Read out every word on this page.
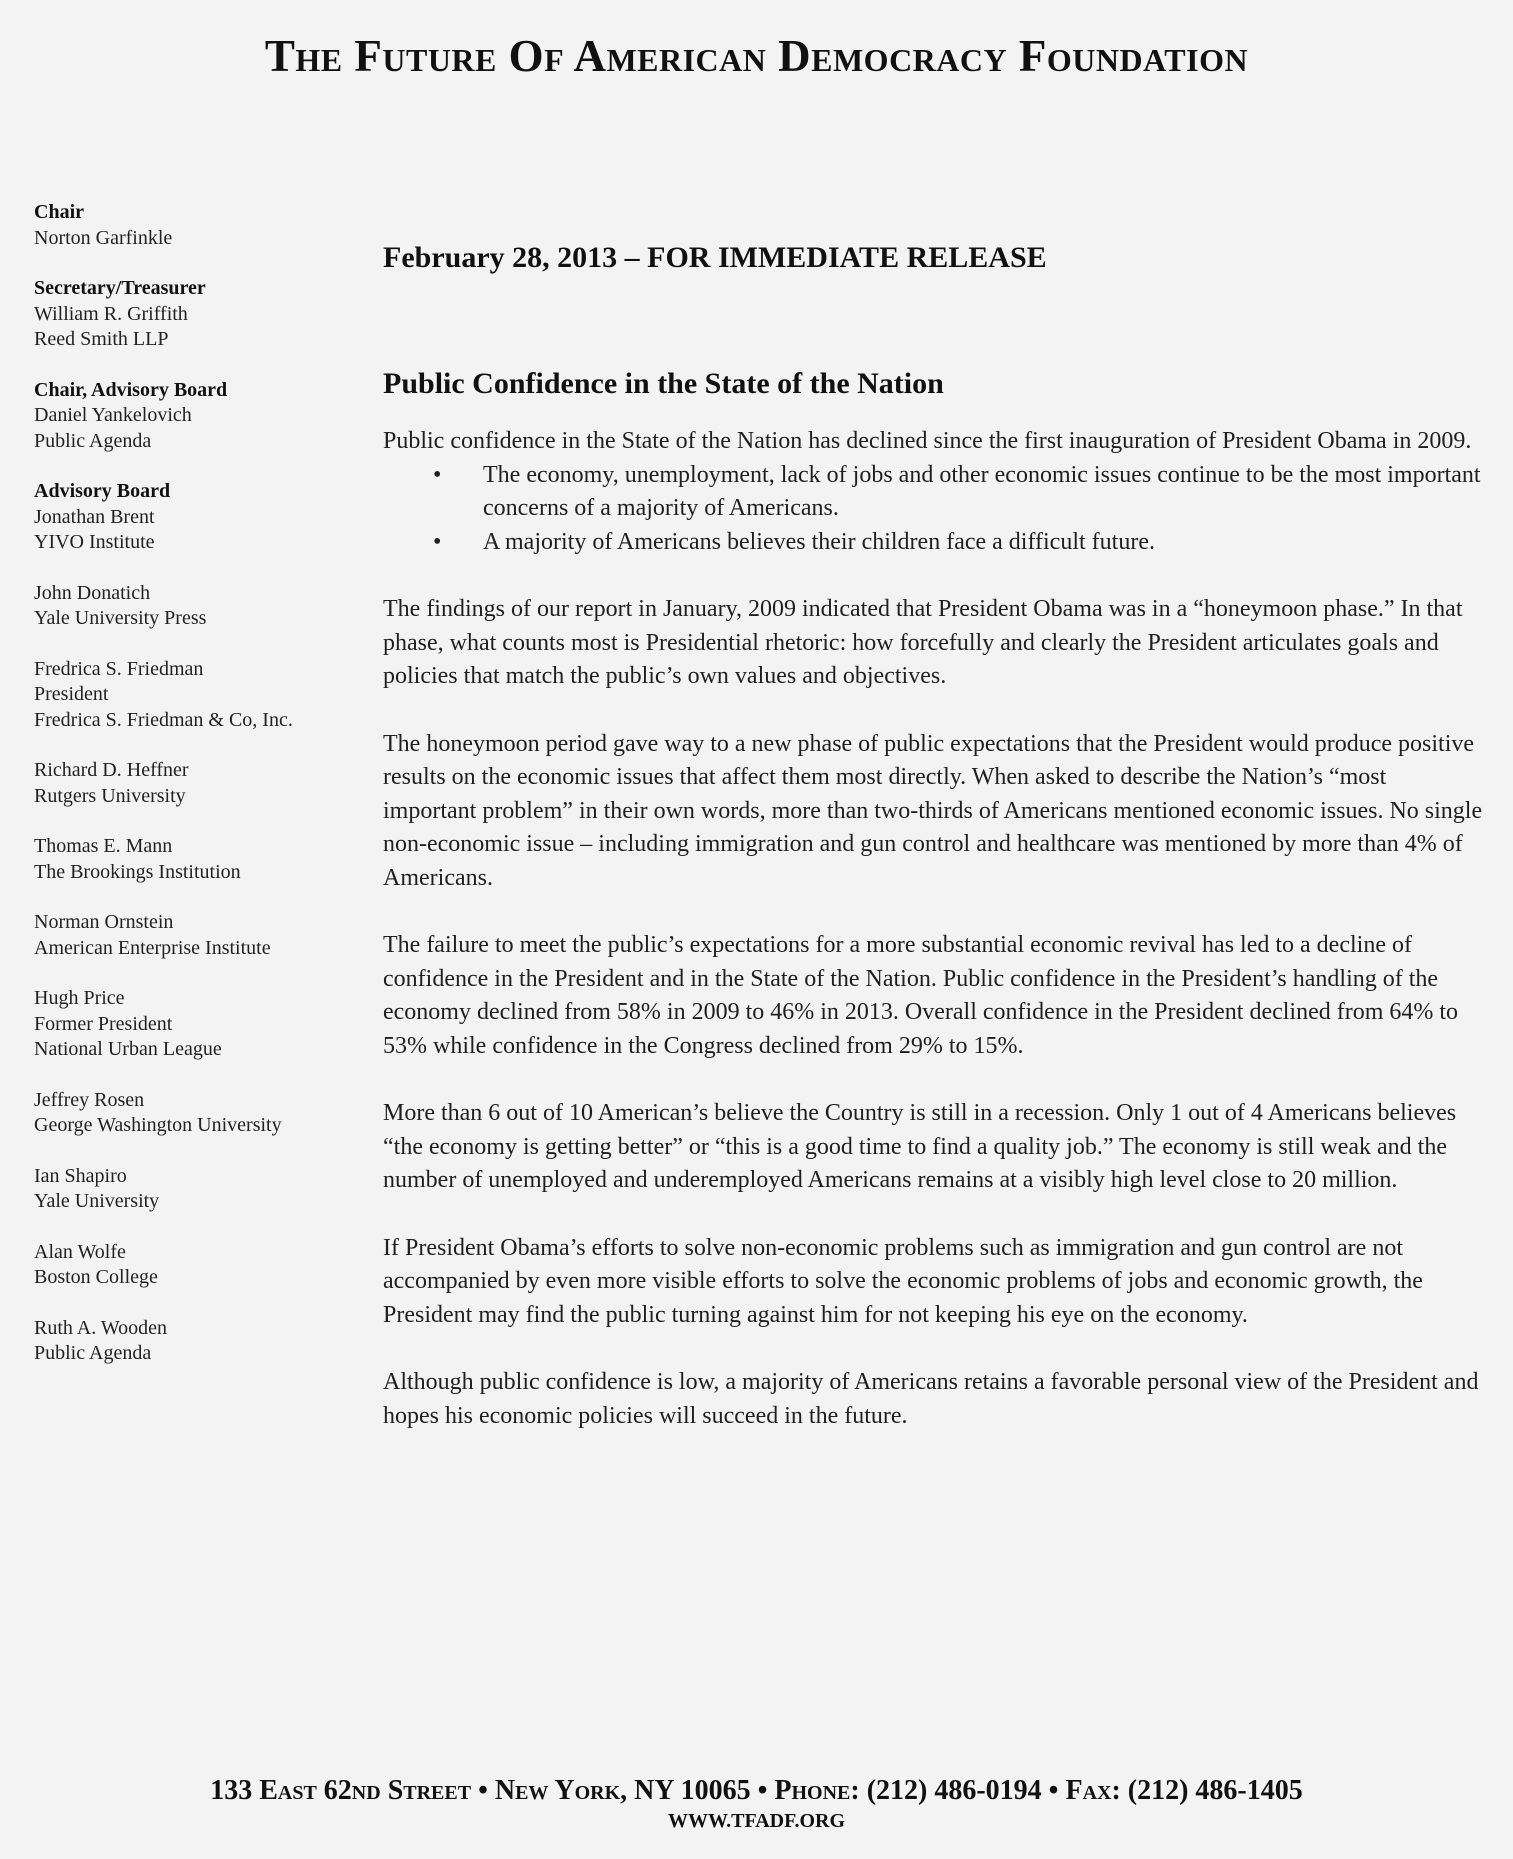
The Future Of American Democracy Foundation
Chair
Norton Garfinkle
Secretary/Treasurer
William R. Griffith
Reed Smith LLP
Chair, Advisory Board
Daniel Yankelovich
Public Agenda
Advisory Board
Jonathan Brent
YIVO Institute
John Donatich
Yale University Press
Fredrica S. Friedman
President
Fredrica S. Friedman & Co, Inc.
Richard D. Heffner
Rutgers University
Thomas E. Mann
The Brookings Institution
Norman Ornstein
American Enterprise Institute
Hugh Price
Former President
National Urban League
Jeffrey Rosen
George Washington University
Ian Shapiro
Yale University
Alan Wolfe
Boston College
Ruth A. Wooden
Public Agenda

February 28, 2013 – FOR IMMEDIATE RELEASE

Public Confidence in the State of the Nation

Public confidence in the State of the Nation has declined since the first inauguration of President Obama in 2009.

• The economy, unemployment, lack of jobs and other economic issues continue to be the most important concerns of a majority of Americans.
• A majority of Americans believes their children face a difficult future.

The findings of our report in January, 2009 indicated that President Obama was in a “honeymoon phase.” In that phase, what counts most is Presidential rhetoric: how forcefully and clearly the President articulates goals and policies that match the public’s own values and objectives.

The honeymoon period gave way to a new phase of public expectations that the President would produce positive results on the economic issues that affect them most directly. When asked to describe the Nation’s “most important problem” in their own words, more than two-thirds of Americans mentioned economic issues. No single non-economic issue – including immigration and gun control and healthcare was mentioned by more than 4% of Americans.

The failure to meet the public’s expectations for a more substantial economic revival has led to a decline of confidence in the President and in the State of the Nation. Public confidence in the President’s handling of the economy declined from 58% in 2009 to 46% in 2013. Overall confidence in the President declined from 64% to 53% while confidence in the Congress declined from 29% to 15%.

More than 6 out of 10 American’s believe the Country is still in a recession. Only 1 out of 4 Americans believes “the economy is getting better” or “this is a good time to find a quality job.” The economy is still weak and the number of unemployed and underemployed Americans remains at a visibly high level close to 20 million.

If President Obama’s efforts to solve non-economic problems such as immigration and gun control are not accompanied by even more visible efforts to solve the economic problems of jobs and economic growth, the President may find the public turning against him for not keeping his eye on the economy.

Although public confidence is low, a majority of Americans retains a favorable personal view of the President and hopes his economic policies will succeed in the future.

133 East 62nd Street • New York, NY 10065 • Phone: (212) 486-0194 • Fax: (212) 486-1405
WWW.TFADF.ORG
